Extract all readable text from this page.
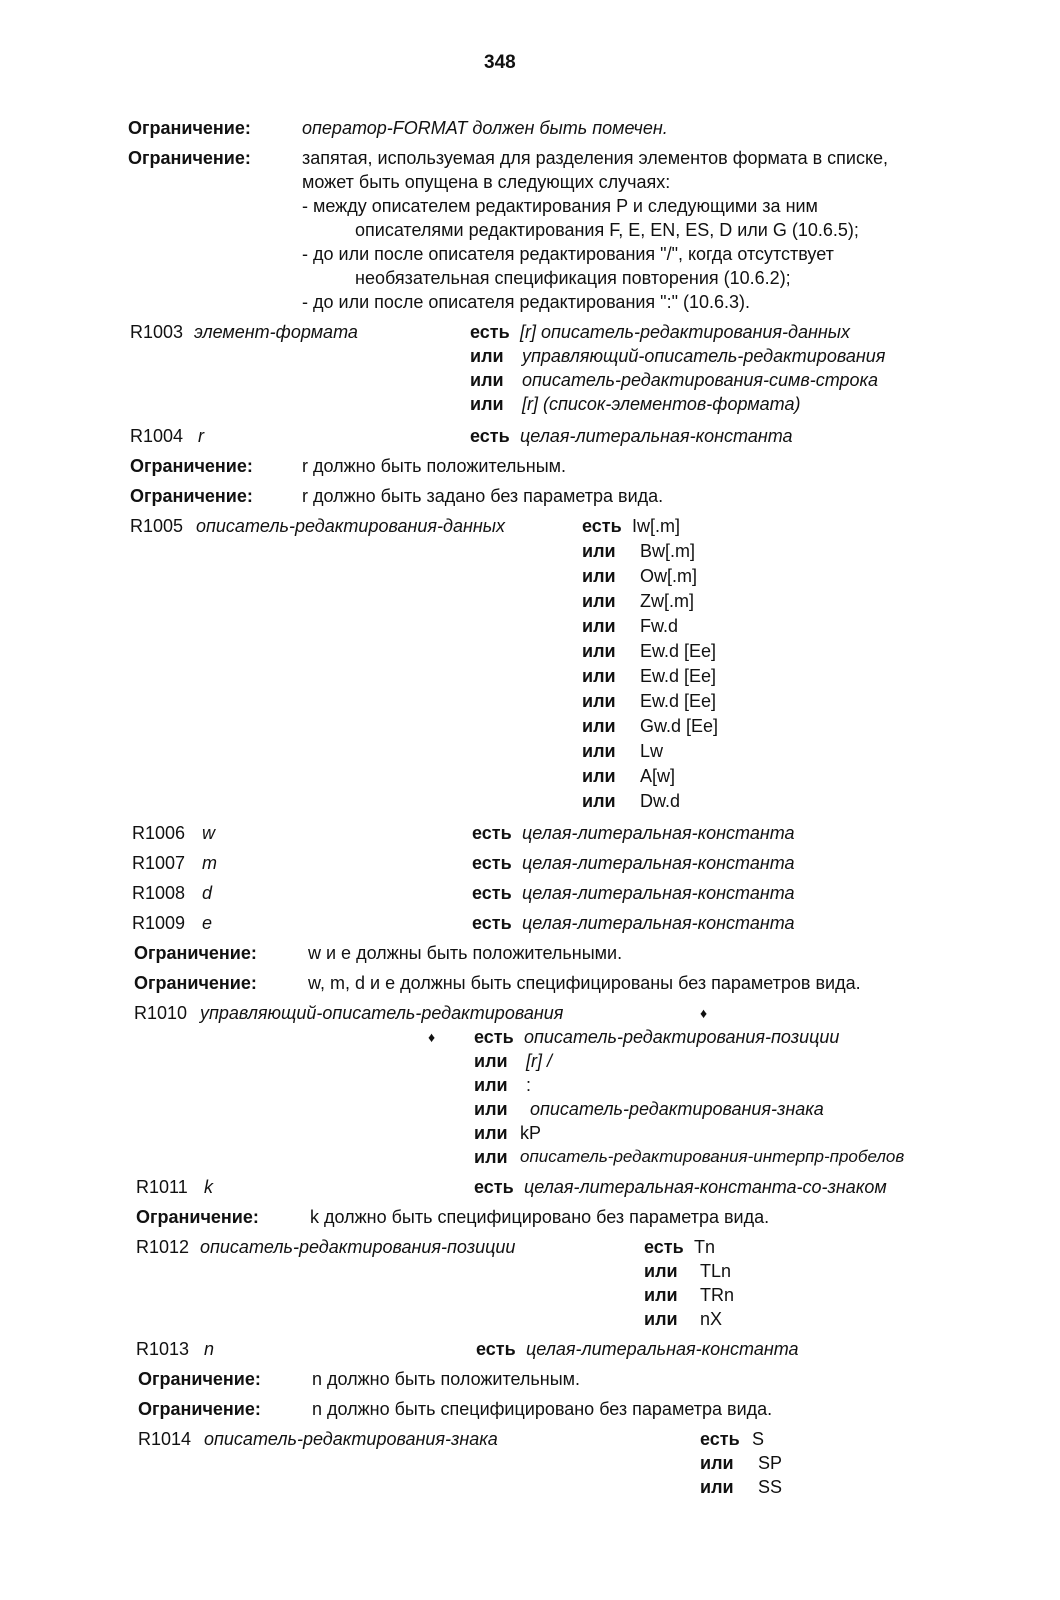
348
Ограничение:	оператор-FORMAT должен быть помечен.
Ограничение:	запятая, используемая для разделения элементов формата в списке,
может быть опущена в следующих случаях:
- между описателем редактирования P и следующими за ним
описателями редактирования F, E, EN, ES, D или G (10.6.5);
- до или после описателя редактирования "/", когда отсутствует
необязательная спецификация повторения (10.6.2);
- до или после описателя редактирования ":" (10.6.3).
R1003 элемент-формата	есть [r] описатель-редактирования-данных
или управляющий-описатель-редактирования
или описатель-редактирования-симв-строка
или [r] (список-элементов-формата)
R1004 r	есть целая-литеральная-константа
Ограничение:	r должно быть положительным.
Ограничение:	r должно быть задано без параметра вида.
R1005 описатель-редактирования-данных	есть Iw[.m]
или Bw[.m]
или Ow[.m]
или Zw[.m]
или Fw.d
или Ew.d [Ee]
или Ew.d [Ee]
или Ew.d [Ee]
или Gw.d [Ee]
или Lw
или A[w]
или Dw.d
R1006 w	есть целая-литеральная-константа
R1007 m	есть целая-литеральная-константа
R1008 d	есть целая-литеральная-константа
R1009 e	есть целая-литеральная-константа
Ограничение:	w и e должны быть положительными.
Ограничение:	w, m, d и e должны быть специфицированы без параметров вида.
R1010 управляющий-описатель-редактирования	♦
♦ есть описатель-редактирования-позиции
или [r] /
или :
или описатель-редактирования-знака
или kP
или описатель-редактирования-интерпр-пробелов
R1011 k	есть целая-литеральная-константа-со-знаком
Ограничение:	k должно быть специфицировано без параметра вида.
R1012 описатель-редактирования-позиции	есть Tn
или TLn
или TRn
или nX
R1013 n	есть целая-литеральная-константа
Ограничение:	n должно быть положительным.
Ограничение:	n должно быть специфицировано без параметра вида.
R1014 описатель-редактирования-знака	есть S
или SP
или SS
